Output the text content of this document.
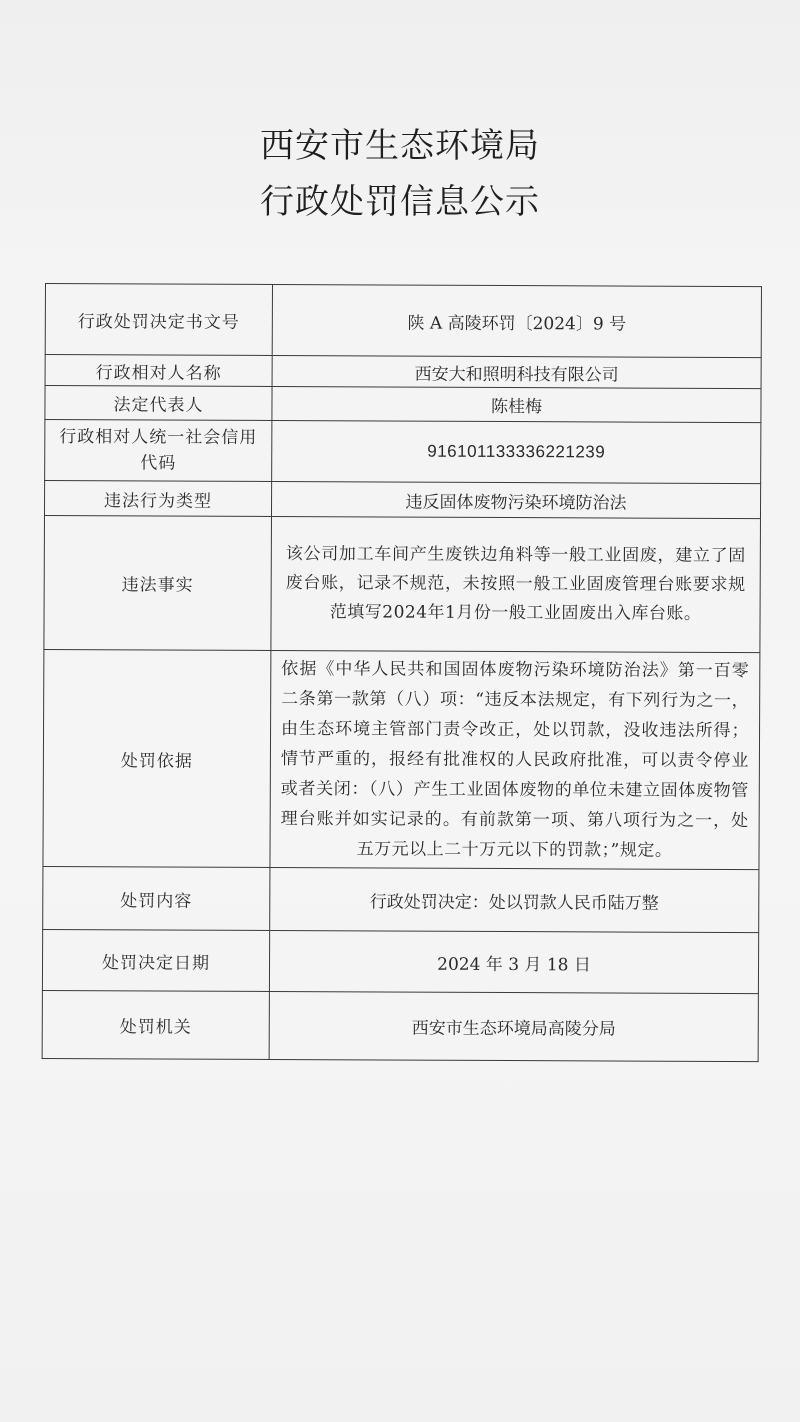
西安市生态环境局
行政处罚信息公示
行政处罚决定书文号	陕 A 高陵环罚〔2024〕9 号
行政相对人名称	西安大和照明科技有限公司
法定代表人	陈桂梅
行政相对人统一社会信用代码	916101133336221239
违法行为类型	违反固体废物污染环境防治法
违法事实	该公司加工车间产生废铁边角料等一般工业固废，建立了固废台账，记录不规范，未按照一般工业固废管理台账要求规范填写2024年1月份一般工业固废出入库台账。
处罚依据	依据《中华人民共和国固体废物污染环境防治法》第一百零二条第一款第（八）项：“违反本法规定，有下列行为之一，由生态环境主管部门责令改正，处以罚款，没收违法所得；情节严重的，报经有批准权的人民政府批准，可以责令停业或者关闭：（八）产生工业固体废物的单位未建立固体废物管理台账并如实记录的。有前款第一项、第八项行为之一，处五万元以上二十万元以下的罚款；”规定。
处罚内容	行政处罚决定：处以罚款人民币陆万整
处罚决定日期	2024 年 3 月 18 日
处罚机关	西安市生态环境局高陵分局
